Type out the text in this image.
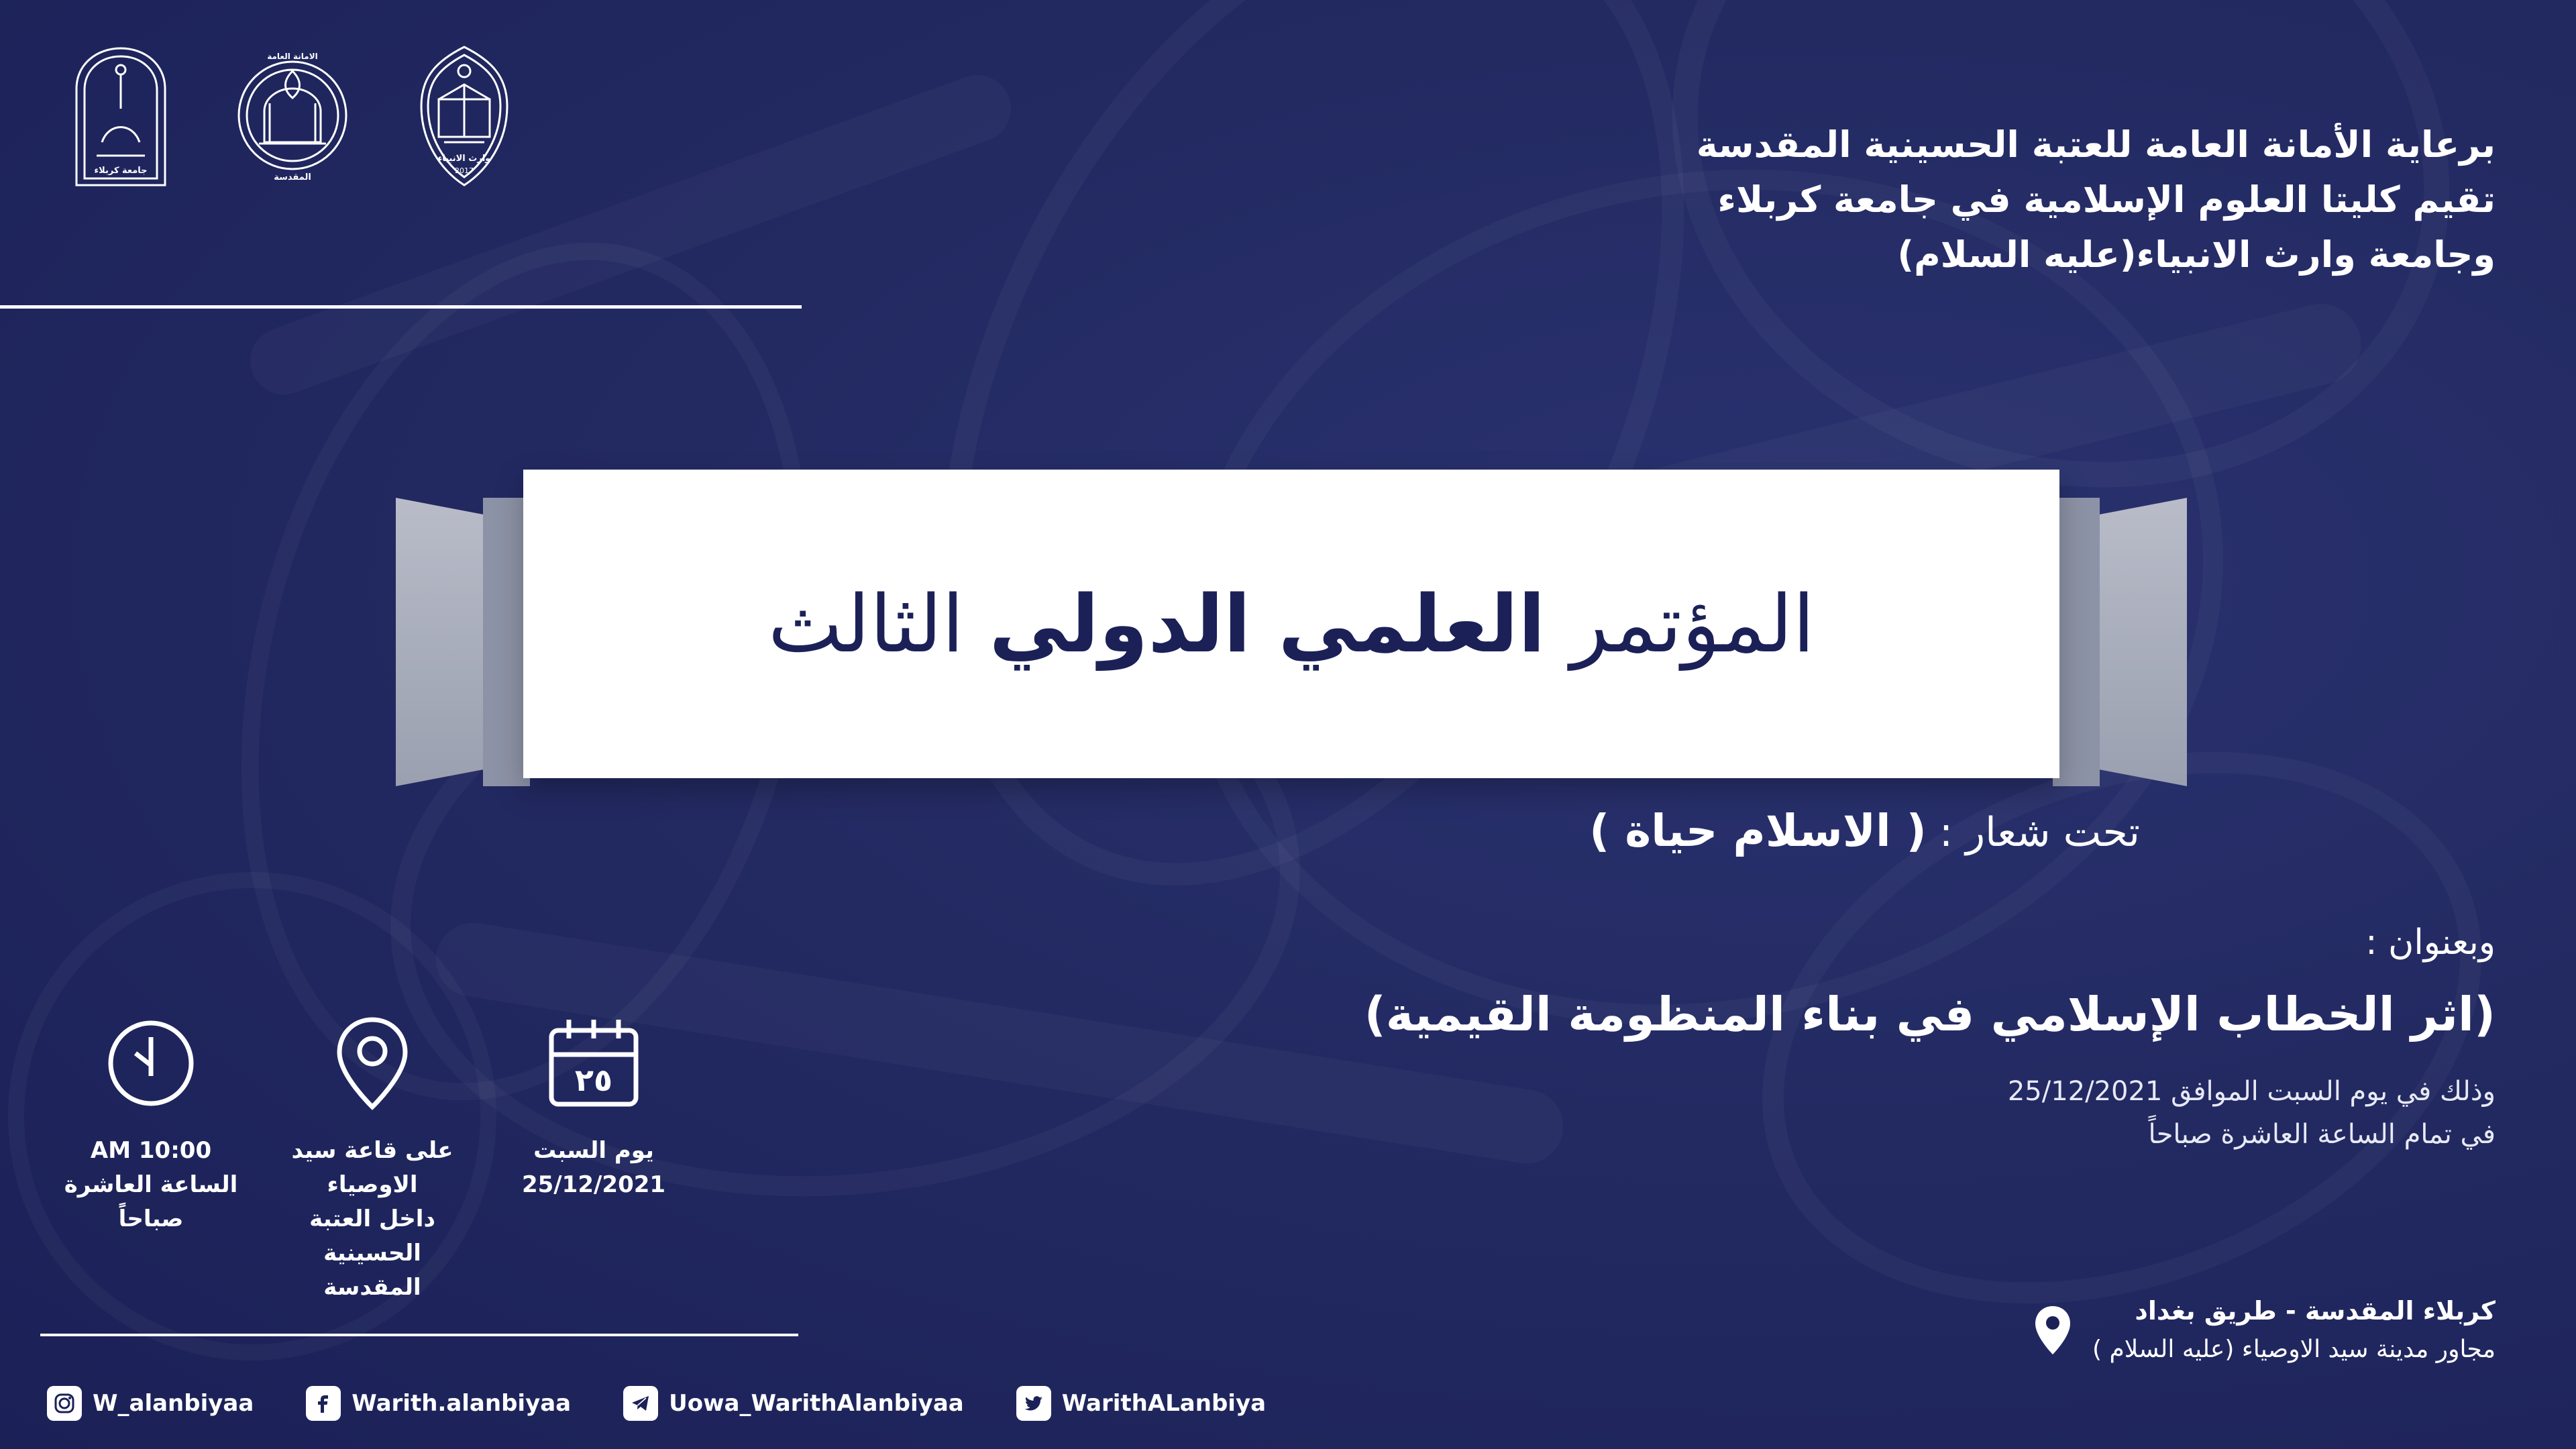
وارث الانبياء
2017
الامانة العامة
المقدسة
جامعة كربلاء
برعاية الأمانة العامة للعتبة الحسينية المقدسة
تقيم كليتا العلوم الإسلامية في جامعة كربلاء
وجامعة وارث الانبياء(عليه السلام)
المؤتمر العلمي الدولي الثالث
تحت شعار : ( الاسلام حياة )
وبعنوان :
(اثر الخطاب الإسلامي في بناء المنظومة القيمية)
وذلك في يوم السبت الموافق 25/12/2021
في تمام الساعة العاشرة صباحاً
٢٥
يوم السبت
25/12/2021
على قاعة سيد الاوصياء
داخل العتبة الحسينية
المقدسة
10:00 AM
الساعة العاشرة صباحاً
كربلاء المقدسة - طريق بغداد
مجاور مدينة سيد الاوصياء (عليه السلام )
W_alanbiyaa	Warith.alanbiyaa	Uowa_WarithAlanbiyaa	WarithALanbiya
